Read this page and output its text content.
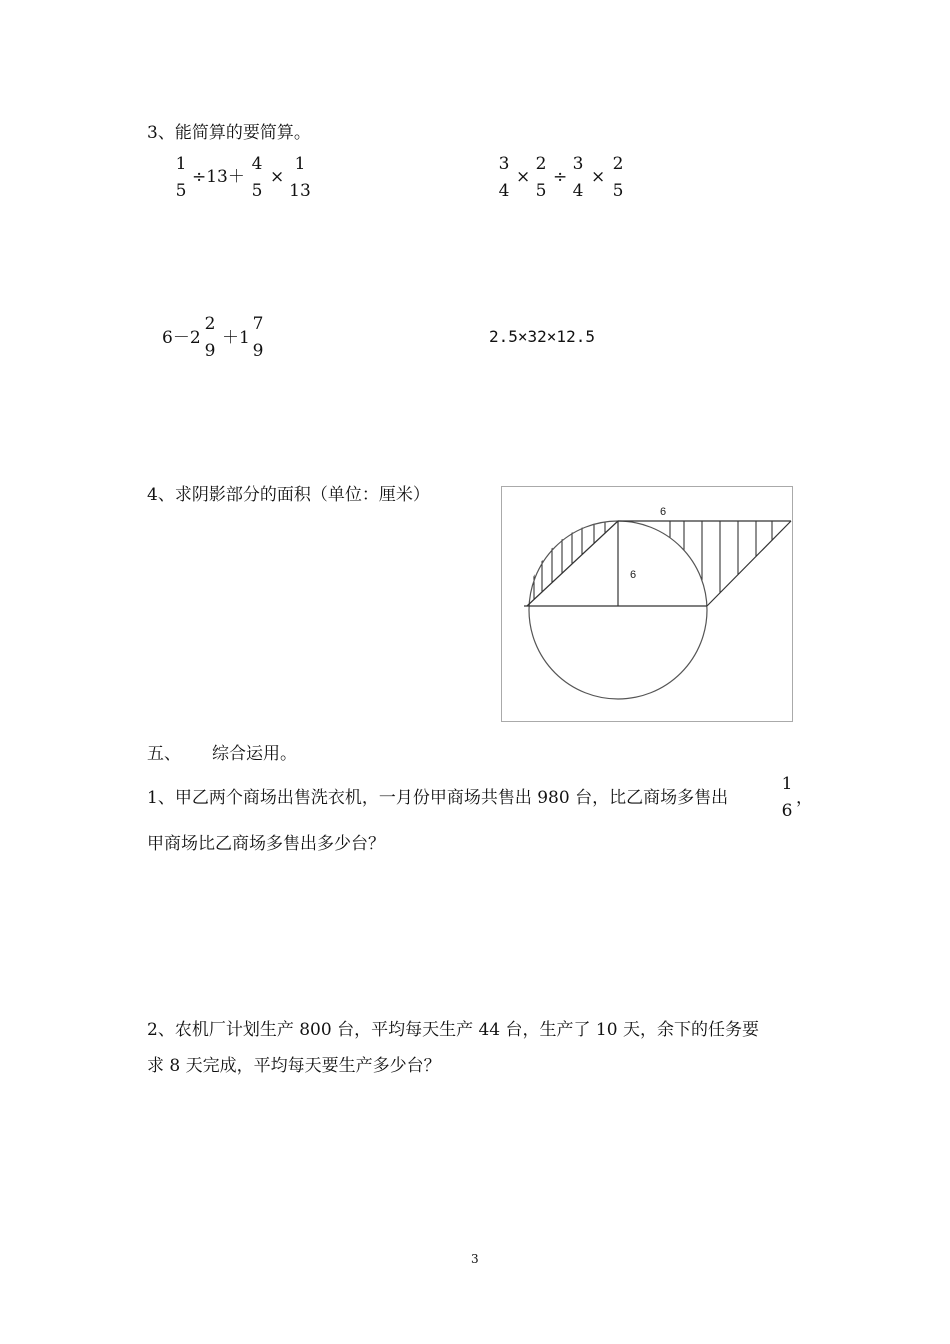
3、能简算的要简算。
1
5
÷13＋
4
5
×
1
13
3
4
×
2
5
÷
3
4
×
2
5
6－2
2
9
＋1
7
9
2.5×32×12.5
4、求阴影部分的面积（单位：厘米）
6
6
五、 综合运用。
1、甲乙两个商场出售洗衣机，一月份甲商场共售出 980 台，比乙商场多售出
1
6
，
甲商场比乙商场多售出多少台？
2、农机厂计划生产 800 台，平均每天生产 44 台，生产了 10 天，余下的任务要
求 8 天完成，平均每天要生产多少台？
3
